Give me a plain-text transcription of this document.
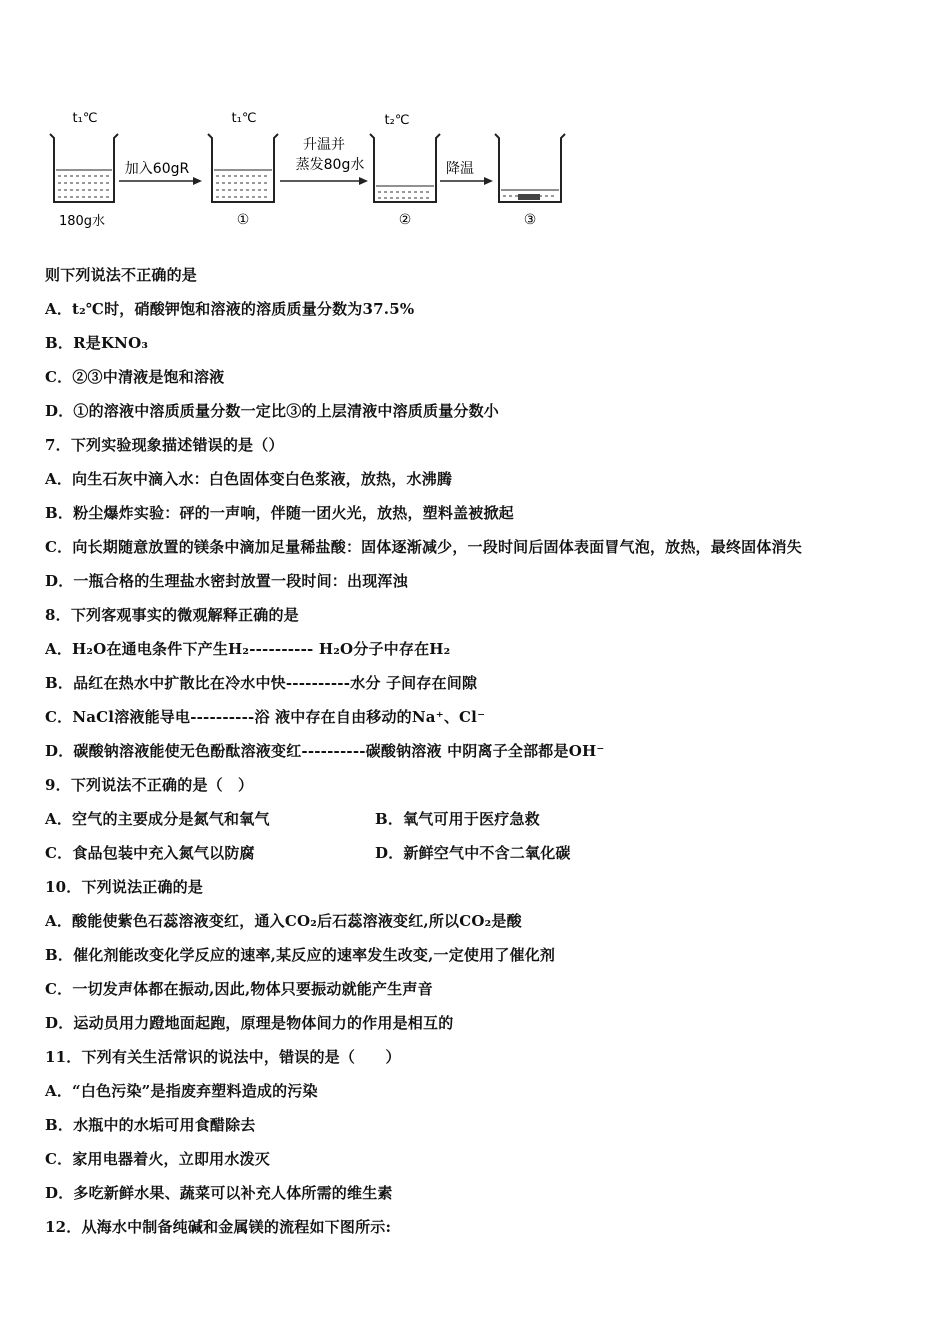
t₁℃
180g水
加入60gR
t₁℃
①
升温并
蒸发80g水
t₂℃
②
降温
③
则下列说法不正确的是
A．t₂℃时，硝酸钾饱和溶液的溶质质量分数为37.5%
B．R是KNO₃
C．②③中清液是饱和溶液
D．①的溶液中溶质质量分数一定比③的上层清液中溶质质量分数小
7．下列实验现象描述错误的是（）
A．向生石灰中滴入水：白色固体变白色浆液，放热，水沸腾
B．粉尘爆炸实验：砰的一声响，伴随一团火光，放热，塑料盖被掀起
C．向长期随意放置的镁条中滴加足量稀盐酸：固体逐渐减少，一段时间后固体表面冒气泡，放热，最终固体消失
D．一瓶合格的生理盐水密封放置一段时间：出现浑浊
8．下列客观事实的微观解释正确的是
A．H₂O在通电条件下产生H₂---------- H₂O分子中存在H₂
B．品红在热水中扩散比在冷水中快----------水分 子间存在间隙
C．NaCl溶液能导电----------浴 液中存在自由移动的Na⁺、Cl⁻
D．碳酸钠溶液能使无色酚酞溶液变红----------碳酸钠溶液 中阴离子全部都是OH⁻
9．下列说法不正确的是（　）
A．空气的主要成分是氮气和氧气	B．氧气可用于医疗急救
C．食品包装中充入氮气以防腐	D．新鲜空气中不含二氧化碳
10．下列说法正确的是
A．酸能使紫色石蕊溶液变红，通入CO₂后石蕊溶液变红,所以CO₂是酸
B．催化剂能改变化学反应的速率,某反应的速率发生改变,一定使用了催化剂
C．一切发声体都在振动,因此,物体只要振动就能产生声音
D．运动员用力蹬地面起跑，原理是物体间力的作用是相互的
11．下列有关生活常识的说法中，错误的是（　　）
A．“白色污染”是指废弃塑料造成的污染
B．水瓶中的水垢可用食醋除去
C．家用电器着火，立即用水泼灭
D．多吃新鲜水果、蔬菜可以补充人体所需的维生素
12．从海水中制备纯碱和金属镁的流程如下图所示:
